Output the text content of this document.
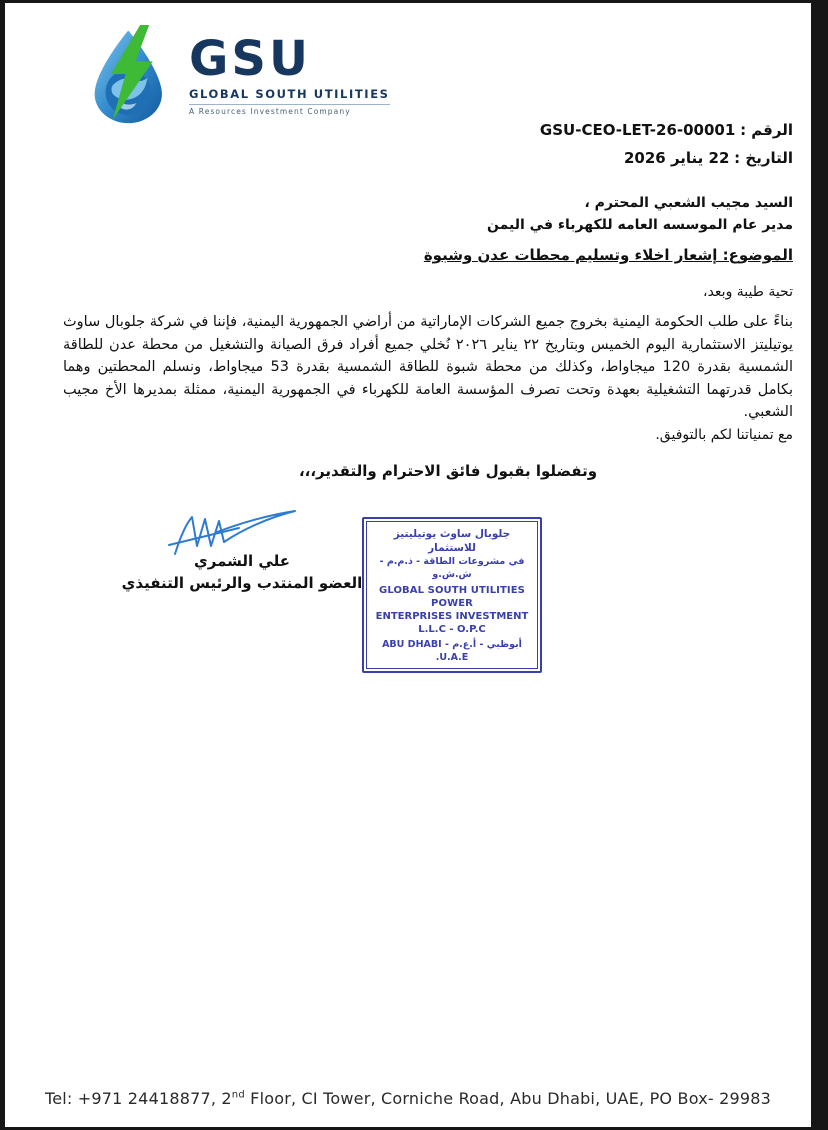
GSU
GLOBAL SOUTH UTILITIES
A Resources Investment Company
الرقم : GSU-CEO-LET-26-00001
التاريخ : 22 يناير 2026
السيد مجيب الشعبي المحترم ،
مدير عام الموسسه العامه للكهرباء في اليمن
الموضوع: إشعار اخلاء وتسليم محطات عدن وشبوة
تحية طيبة وبعد،
بناءً على طلب الحكومة اليمنية بخروج جميع الشركات الإماراتية من أراضي الجمهورية اليمنية، فإننا في شركة جلوبال ساوث يوتيليتز الاستثمارية اليوم الخميس وبتاريخ ٢٢ يناير ٢٠٢٦ نُخلي جميع أفراد فرق الصيانة والتشغيل من محطة عدن للطاقة الشمسية بقدرة 120 ميجاواط، وكذلك من محطة شبوة للطاقة الشمسية بقدرة 53 ميجاواط، ونسلم المحطتين وهما بكامل قدرتهما التشغيلية بعهدة وتحت تصرف المؤسسة العامة للكهرباء في الجمهورية اليمنية، ممثلة بمديرها الأخ مجيب الشعبي.
مع تمنياتنا لكم بالتوفيق.
وتفضلوا بقبول فائق الاحترام والتقدير،،،
علي الشمري
العضو المنتدب والرئيس التنفيذي
جلوبال ساوث يوتيليتيز للاستثمار
في مشروعات الطاقة - ذ.م.م - ش.ش.و
GLOBAL SOUTH UTILITIES POWER
ENTERPRISES INVESTMENT
L.L.C - O.P.C
أبوظبي - أ.ع.م ABU DHABI - U.A.E.
Tel: +971 24418877, 2nd Floor, CI Tower, Corniche Road, Abu Dhabi, UAE, PO Box- 29983
